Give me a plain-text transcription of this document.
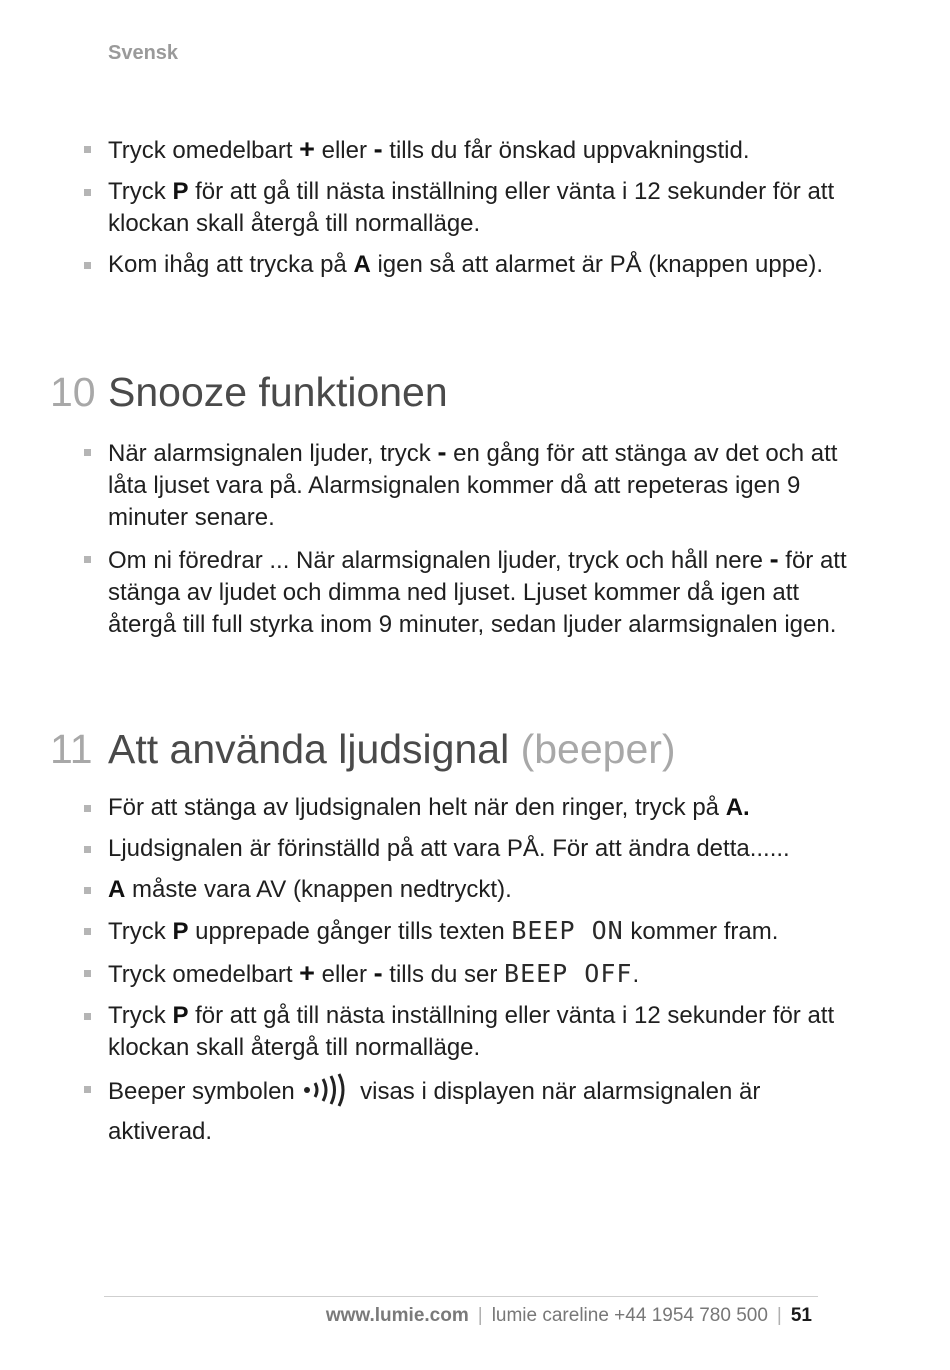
Svensk
Tryck omedelbart + eller - tills du får önskad uppvakningstid.
Tryck P för att gå till nästa inställning eller vänta i 12 sekunder för att klockan skall återgå till normalläge.
Kom ihåg att trycka på A igen så att alarmet är PÅ (knappen uppe).
10 Snooze funktionen
När alarmsignalen ljuder, tryck - en gång för att stänga av det och att låta ljuset vara på. Alarmsignalen kommer då att repeteras igen 9 minuter senare.
Om ni föredrar ... När alarmsignalen ljuder, tryck och håll nere - för att stänga av ljudet och dimma ned ljuset. Ljuset kommer då igen att återgå till full styrka inom 9 minuter, sedan ljuder alarmsignalen igen.
11 Att använda ljudsignal (beeper)
För att stänga av ljudsignalen helt när den ringer, tryck på A.
Ljudsignalen är förinställd på att vara PÅ. För att ändra detta......
A måste vara AV (knappen nedtryckt).
Tryck P upprepade gånger tills texten BEEP ON kommer fram.
Tryck omedelbart + eller - tills du ser BEEP OFF.
Tryck P för att gå till nästa inställning eller vänta i 12 sekunder för att klockan skall återgå till normalläge.
Beeper symbolen  visas i displayen när alarmsignalen är aktiverad.
www.lumie.com | lumie careline +44 1954 780 500 | 51
